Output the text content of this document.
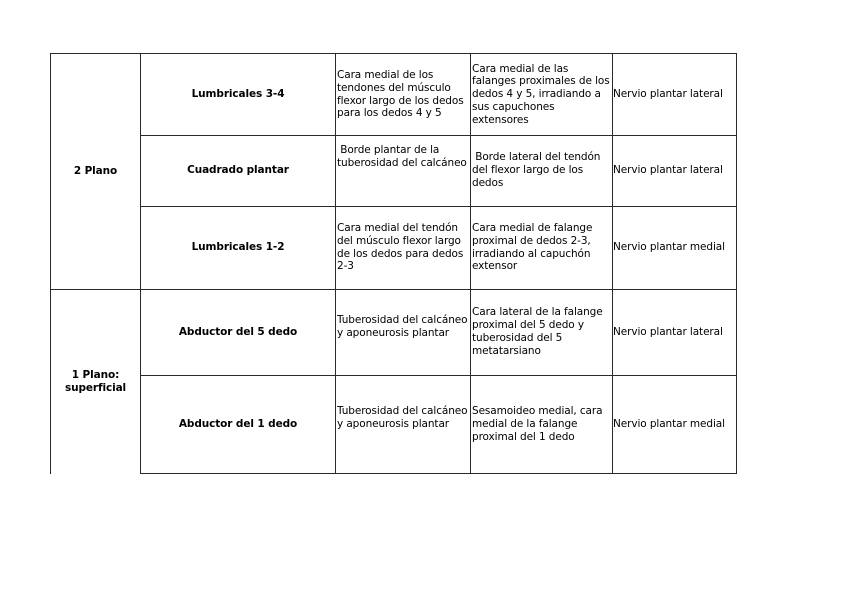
2 Plano
1 Plano: superficial
Lumbricales 3-4
Cara medial de los tendones del músculo flexor largo de los dedos para los dedos 4 y 5
Cara medial de las falanges proximales de los dedos 4 y 5, irradiando a sus capuchones extensores
Nervio plantar lateral
Cuadrado plantar
Borde plantar de la tuberosidad del calcáneo Borde lateral del tendón del flexor largo de los dedos
Nervio plantar lateral
Lumbricales 1-2
Cara medial del tendón del músculo flexor largo de los dedos para dedos 2-3
Cara medial de falange proximal de dedos 2-3, irradiando al capuchón extensor
Nervio plantar medial
Abductor del 5 dedo
Tuberosidad del calcáneo y aponeurosis plantar
Cara lateral de la falange proximal del 5 dedo y tuberosidad del 5 metatarsiano
Nervio plantar lateral
Abductor del 1 dedo
Tuberosidad del calcáneo y aponeurosis plantar
Sesamoideo medial, cara medial de la falange proximal del 1 dedo
Nervio plantar medial
